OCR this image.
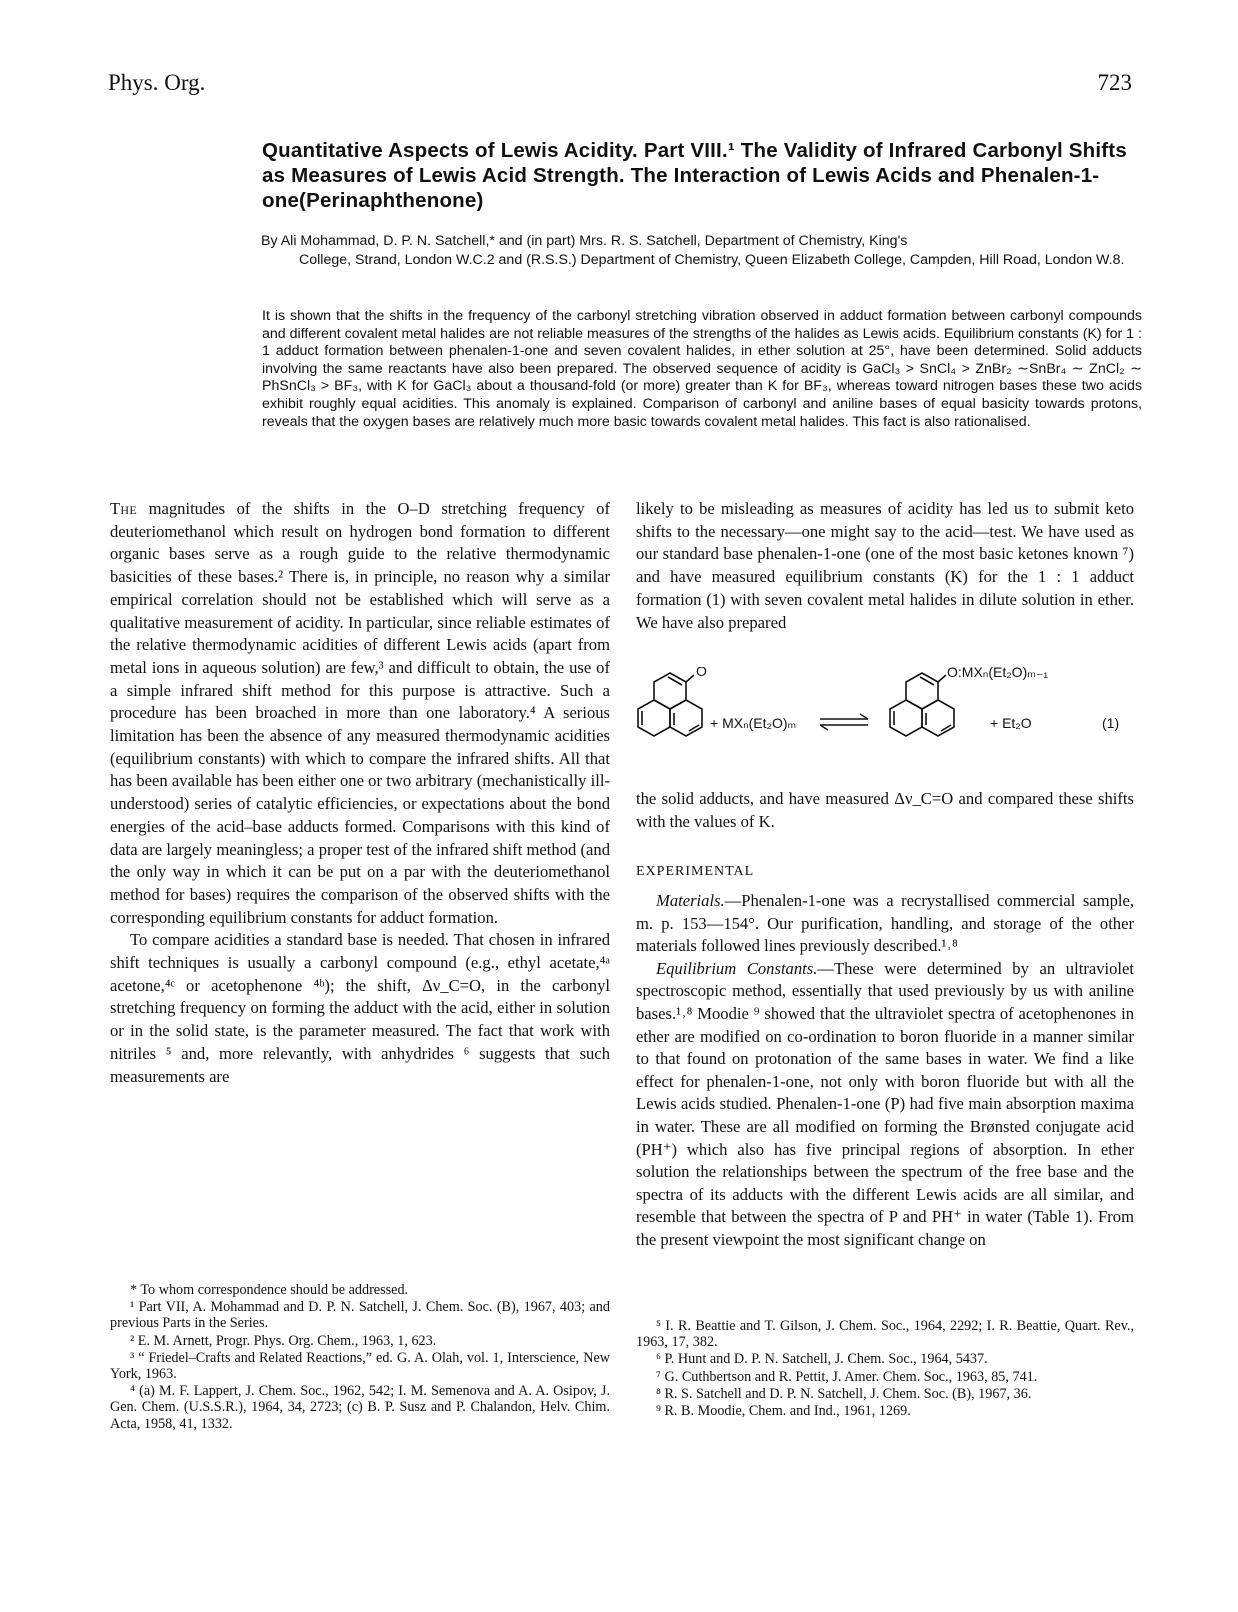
Phys. Org.	723
Quantitative Aspects of Lewis Acidity. Part VIII.¹ The Validity of Infrared Carbonyl Shifts as Measures of Lewis Acid Strength. The Interaction of Lewis Acids and Phenalen-1-one(Perinaphthenone)
By Ali Mohammad, D. P. N. Satchell,* and (in part) Mrs. R. S. Satchell, Department of Chemistry, King's
College, Strand, London W.C.2 and (R.S.S.) Department of Chemistry, Queen Elizabeth College, Campden, Hill Road, London W.8.
It is shown that the shifts in the frequency of the carbonyl stretching vibration observed in adduct formation between carbonyl compounds and different covalent metal halides are not reliable measures of the strengths of the halides as Lewis acids. Equilibrium constants (K) for 1 : 1 adduct formation between phenalen-1-one and seven covalent halides, in ether solution at 25°, have been determined. Solid adducts involving the same reactants have also been prepared. The observed sequence of acidity is GaCl₃ > SnCl₄ > ZnBr₂ ∼SnBr₄ ∼ ZnCl₂ ∼ PhSnCl₃ > BF₃, with K for GaCl₃ about a thousand-fold (or more) greater than K for BF₃, whereas toward nitrogen bases these two acids exhibit roughly equal acidities. This anomaly is explained. Comparison of carbonyl and aniline bases of equal basicity towards protons, reveals that the oxygen bases are relatively much more basic towards covalent metal halides. This fact is also rationalised.

The magnitudes of the shifts in the O–D stretching frequency of deuteriomethanol which result on hydrogen bond formation to different organic bases serve as a rough guide to the relative thermodynamic basicities of these bases.² There is, in principle, no reason why a similar empirical correlation should not be established which will serve as a qualitative measurement of acidity. In particular, since reliable estimates of the relative thermodynamic acidities of different Lewis acids (apart from metal ions in aqueous solution) are few,³ and difficult to obtain, the use of a simple infrared shift method for this purpose is attractive. Such a procedure has been broached in more than one laboratory.⁴ A serious limitation has been the absence of any measured thermodynamic acidities (equilibrium constants) with which to compare the infrared shifts. All that has been available has been either one or two arbitrary (mechanistically ill-understood) series of catalytic efficiencies, or expectations about the bond energies of the acid–base adducts formed. Comparisons with this kind of data are largely meaningless; a proper test of the infrared shift method (and the only way in which it can be put on a par with the deuteriomethanol method for bases) requires the comparison of the observed shifts with the corresponding equilibrium constants for adduct formation.

To compare acidities a standard base is needed. That chosen in infrared shift techniques is usually a carbonyl compound (e.g., ethyl acetate,⁴ᵃ acetone,⁴ᶜ or acetophenone ⁴ᵇ); the shift, Δν_C=O, in the carbonyl stretching frequency on forming the adduct with the acid, either in solution or in the solid state, is the parameter measured. The fact that work with nitriles ⁵ and, more relevantly, with anhydrides ⁶ suggests that such measurements are

likely to be misleading as measures of acidity has led us to submit keto shifts to the necessary—one might say to the acid—test. We have used as our standard base phenalen-1-one (one of the most basic ketones known ⁷) and have measured equilibrium constants (K) for the 1 : 1 adduct formation (1) with seven covalent metal halides in dilute solution in ether. We have also prepared

O
+ MXₙ(Et₂O)ₘ
O:MXₙ(Et₂O)ₘ₋₁
+ Et₂O	(1)
the solid adducts, and have measured Δν_C=O and compared these shifts with the values of K.
EXPERIMENTAL

Materials.—Phenalen-1-one was a recrystallised commercial sample, m. p. 153—154°. Our purification, handling, and storage of the other materials followed lines previously described.¹˒⁸

Equilibrium Constants.—These were determined by an ultraviolet spectroscopic method, essentially that used previously by us with aniline bases.¹˒⁸ Moodie ⁹ showed that the ultraviolet spectra of acetophenones in ether are modified on co-ordination to boron fluoride in a manner similar to that found on protonation of the same bases in water. We find a like effect for phenalen-1-one, not only with boron fluoride but with all the Lewis acids studied. Phenalen-1-one (P) had five main absorption maxima in water. These are all modified on forming the Brønsted conjugate acid (PH⁺) which also has five principal regions of absorption. In ether solution the relationships between the spectrum of the free base and the spectra of its adducts with the different Lewis acids are all similar, and resemble that between the spectra of P and PH⁺ in water (Table 1). From the present viewpoint the most significant change on

* To whom correspondence should be addressed.

¹ Part VII, A. Mohammad and D. P. N. Satchell, J. Chem. Soc. (B), 1967, 403; and previous Parts in the Series.

² E. M. Arnett, Progr. Phys. Org. Chem., 1963, 1, 623.

³ “ Friedel–Crafts and Related Reactions,” ed. G. A. Olah, vol. 1, Interscience, New York, 1963.

⁴ (a) M. F. Lappert, J. Chem. Soc., 1962, 542; I. M. Semenova and A. A. Osipov, J. Gen. Chem. (U.S.S.R.), 1964, 34, 2723; (c) B. P. Susz and P. Chalandon, Helv. Chim. Acta, 1958, 41, 1332.

⁵ I. R. Beattie and T. Gilson, J. Chem. Soc., 1964, 2292; I. R. Beattie, Quart. Rev., 1963, 17, 382.

⁶ P. Hunt and D. P. N. Satchell, J. Chem. Soc., 1964, 5437.

⁷ G. Cuthbertson and R. Pettit, J. Amer. Chem. Soc., 1963, 85, 741.

⁸ R. S. Satchell and D. P. N. Satchell, J. Chem. Soc. (B), 1967, 36.

⁹ R. B. Moodie, Chem. and Ind., 1961, 1269.
